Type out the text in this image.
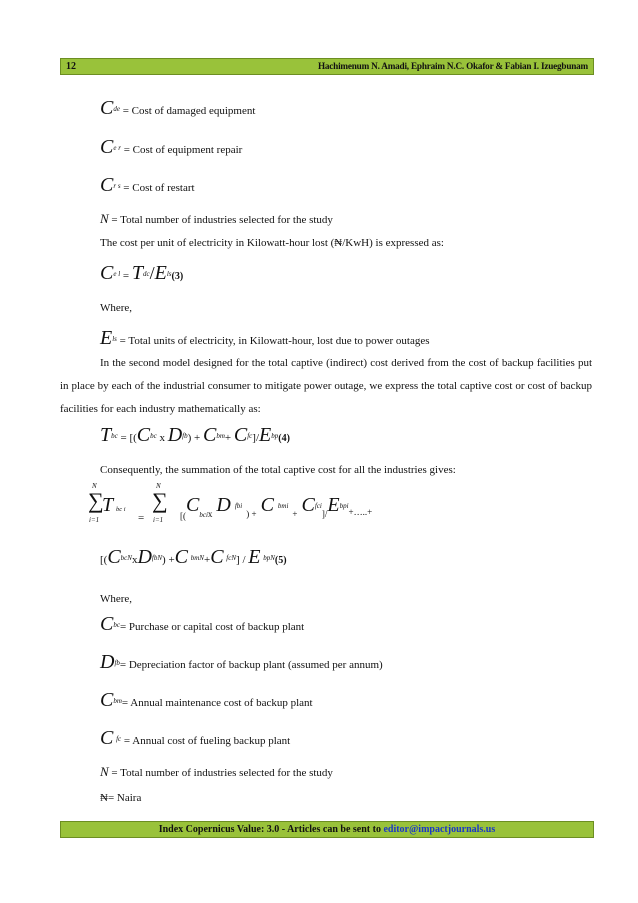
12	Hachimenum N. Amadi, Ephraim N.C. Okafor & Fabian I. Izuegbunam
Cde = Cost of damaged equipment
$C^{e r}$ = Cost of equipment repair
$C^{r s}$ = Cost of restart
N = Total number of industries selected for the study
The cost per unit of electricity in Kilowatt-hour lost (₦/KwH) is expressed as:
$C^{e l} = T^{dc}/E^{ls}(3)$
Where,
$E^{ls}$ = Total units of electricity, in Kilowatt-hour, lost due to power outages
In the second model designed for the total captive (indirect) cost derived from the cost of backup facilities put in place by each of the industrial consumer to mitigate power outage, we express the total captive cost or cost of backup facilities for each industry mathematically as:
$T^{bc} = [(C^{bc}$ x $D^{fb}) + C^{bm}+ C^{fc}]/E^{bp}(4)$
Consequently, the summation of the total captive cost for all the industries gives:
N
∑
i=1
T bc i
=
N
∑
i=1 $_{[(}C_{bcix}$ D fbi $_{) +}$ C bmi $_+$ Cfci$_{]/}$Ebpi$_{+\dots..+}$
[$(C^{bcN}xD^{fbN}) +C$ $^{bmN}$+C $^{fcN}$] / E $^{bpN}$(5)
Where,
$C^{bc}=$ Purchase or capital cost of backup plant
$D^{fb}=$ Depreciation factor of backup plant (assumed per annum)
$C^{bm}=$ Annual maintenance cost of backup plant
C $^{fc}$ = Annual cost of fueling backup plant
N = Total number of industries selected for the study
₦= Naira
Index Copernicus Value: 3.0 - Articles can be sent to editor@impactjournals.us
